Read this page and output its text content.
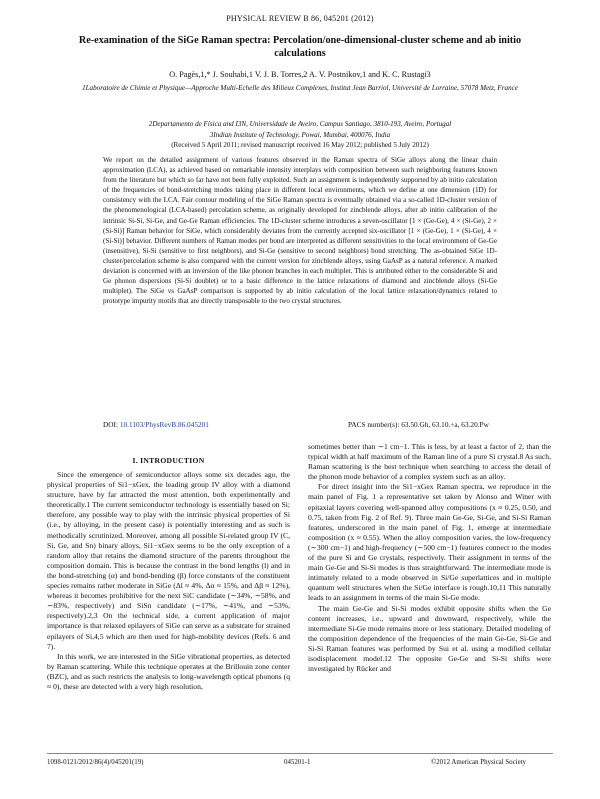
PHYSICAL REVIEW B 86, 045201 (2012)
Re-examination of the SiGe Raman spectra: Percolation/one-dimensional-cluster scheme and ab initio calculations
O. Pagès,1,* J. Souhabi,1 V. J. B. Torres,2 A. V. Postnikov,1 and K. C. Rustagi3
1Laboratoire de Chimie et Physique—Approche Multi-Echelle des Milieux Complexes, Institut Jean Barriol, Université de Lorraine, 57078 Metz, France
2Departamento de Física and I3N, Universidade de Aveiro, Campus Santiago, 3810-193, Aveiro, Portugal
3Indian Institute of Technology, Powai, Mumbai, 400076, India
(Received 5 April 2011; revised manuscript received 16 May 2012; published 5 July 2012)

We report on the detailed assignment of various features observed in the Raman spectra of SiGe alloys along the linear chain approximation (LCA), as achieved based on remarkable intensity interplays with composition between such neighboring features known from the literature but which so far have not been fully exploited. Such an assignment is independently supported by ab initio calculation of the frequencies of bond-stretching modes taking place in different local environments, which we define at one dimension (1D) for consistency with the LCA. Fair contour modeling of the SiGe Raman spectra is eventually obtained via a so-called 1D-cluster version of the phenomenological (LCA-based) percolation scheme, as originally developed for zincblende alloys, after ab initio calibration of the intrinsic Si-Si, Si-Ge, and Ge-Ge Raman efficiencies. The 1D-cluster scheme introduces a seven-oscillator [1 × (Ge-Ge), 4 × (Si-Ge), 2 × (Si-Si)] Raman behavior for SiGe, which considerably deviates from the currently accepted six-oscillator [1 × (Ge-Ge), 1 × (Si-Ge), 4 × (Si-Si)] behavior. Different numbers of Raman modes per bond are interpreted as different sensitivities to the local environment of Ge-Ge (insensitive), Si-Si (sensitive to first neighbors), and Si-Ge (sensitive to second neighbors) bond stretching. The as-obtained SiGe 1D-cluster/percolation scheme is also compared with the current version for zincblende alloys, using GaAsP as a natural reference. A marked deviation is concerned with an inversion of the like phonon branches in each multiplet. This is attributed either to the considerable Si and Ge phonon dispersions (Si-Si doublet) or to a basic difference in the lattice relaxations of diamond and zincblende alloys (Si-Ge multiplet). The SiGe vs GaAsP comparison is supported by ab initio calculation of the local lattice relaxation/dynamics related to prototype impurity motifs that are directly transposable to the two crystal structures.

DOI: 10.1103/PhysRevB.86.045201	PACS number(s): 63.50.Gh, 63.10.+a, 63.20.Pw
I. INTRODUCTION

Since the emergence of semiconductor alloys some six decades ago, the physical properties of Si1−xGex, the leading group IV alloy with a diamond structure, have by far attracted the most attention, both experimentally and theoretically.1 The current semiconductor technology is essentially based on Si; therefore, any possible way to play with the intrinsic physical properties of Si (i.e., by alloying, in the present case) is potentially interesting and as such is methodically scrutinized. Moreover, among all possible Si-related group IV (C, Si, Ge, and Sn) binary alloys, Si1−xGex seems to be the only exception of a random alloy that retains the diamond structure of the parents throughout the composition domain. This is because the contrast in the bond lengths (l) and in the bond-stretching (α) and bond-bending (β) force constants of the constituent species remains rather moderate in SiGe (Δl ≈ 4%, Δα ≈ 15%, and Δβ ≈ 12%), whereas it becomes prohibitive for the next SiC candidate (∼34%, ∼58%, and ∼83%, respectively) and SiSn candidate (∼17%, ∼41%, and ∼53%, respectively).2,3 On the technical side, a current application of major importance is that relaxed epilayers of SiGe can serve as a substrate for strained epilayers of Si,4,5 which are then used for high-mobility devices (Refs. 6 and 7).

In this work, we are interested in the SiGe vibrational properties, as detected by Raman scattering. While this technique operates at the Brillouin zone center (BZC), and as such restricts the analysis to long-wavelength optical phonons (q ≈ 0), these are detected with a very high resolution,

sometimes better than ∼1 cm−1. This is less, by at least a factor of 2, than the typical width at half maximum of the Raman line of a pure Si crystal.8 As such, Raman scattering is the best technique when searching to access the detail of the phonon mode behavior of a complex system such as an alloy.

For direct insight into the Si1−xGex Raman spectra, we reproduce in the main panel of Fig. 1 a representative set taken by Alonso and Winer with epitaxial layers covering well-spanned alloy compositions (x ≈ 0.25, 0.50, and 0.75, taken from Fig. 2 of Ref. 9). Three main Ge-Ge, Si-Ge, and Si-Si Raman features, underscored in the main panel of Fig. 1, emerge at intermediate composition (x ≈ 0.55). When the alloy composition varies, the low-frequency (∼300 cm−1) and high-frequency (∼500 cm−1) features connect to the modes of the pure Si and Ge crystals, respectively. Their assignment in terms of the main Ge-Ge and Si-Si modes is thus straightforward. The intermediate mode is intimately related to a mode observed in Si/Ge superlattices and in multiple quantum well structures when the Si/Ge interface is rough.10,11 This naturally leads to an assignment in terms of the main Si-Ge mode.

The main Ge-Ge and Si-Si modes exhibit opposite shifts when the Ge content increases, i.e., upward and downward, respectively, while the intermediate Si-Ge mode remains more or less stationary. Detailed modeling of the composition dependence of the frequencies of the main Ge-Ge, Si-Ge and Si-Si Raman features was performed by Sui et al. using a modified cellular isodisplacement model.12 The opposite Ge-Ge and Si-Si shifts were investigated by Rücker and

1098-0121/2012/86(4)/045201(19)	045201-1	©2012 American Physical Society
